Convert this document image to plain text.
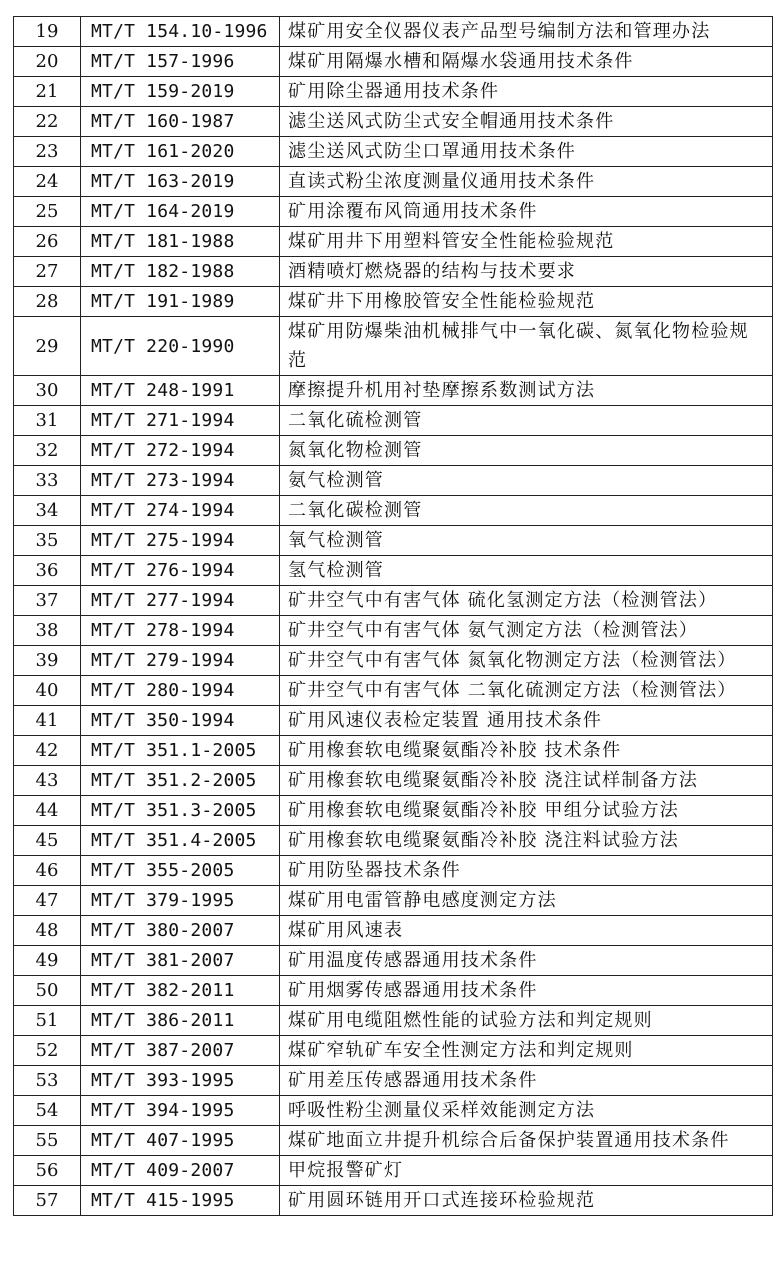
19	MT/T 154.10-1996	煤矿用安全仪器仪表产品型号编制方法和管理办法
20	MT/T 157-1996	煤矿用隔爆水槽和隔爆水袋通用技术条件
21	MT/T 159-2019	矿用除尘器通用技术条件
22	MT/T 160-1987	滤尘送风式防尘式安全帽通用技术条件
23	MT/T 161-2020	滤尘送风式防尘口罩通用技术条件
24	MT/T 163-2019	直读式粉尘浓度测量仪通用技术条件
25	MT/T 164-2019	矿用涂覆布风筒通用技术条件
26	MT/T 181-1988	煤矿用井下用塑料管安全性能检验规范
27	MT/T 182-1988	酒精喷灯燃烧器的结构与技术要求
28	MT/T 191-1989	煤矿井下用橡胶管安全性能检验规范
29	MT/T 220-1990	煤矿用防爆柴油机械排气中一氧化碳、氮氧化物检验规范
30	MT/T 248-1991	摩擦提升机用衬垫摩擦系数测试方法
31	MT/T 271-1994	二氧化硫检测管
32	MT/T 272-1994	氮氧化物检测管
33	MT/T 273-1994	氨气检测管
34	MT/T 274-1994	二氧化碳检测管
35	MT/T 275-1994	氧气检测管
36	MT/T 276-1994	氢气检测管
37	MT/T 277-1994	矿井空气中有害气体 硫化氢测定方法（检测管法）
38	MT/T 278-1994	矿井空气中有害气体 氨气测定方法（检测管法）
39	MT/T 279-1994	矿井空气中有害气体 氮氧化物测定方法（检测管法）
40	MT/T 280-1994	矿井空气中有害气体 二氧化硫测定方法（检测管法）
41	MT/T 350-1994	矿用风速仪表检定装置 通用技术条件
42	MT/T 351.1-2005	矿用橡套软电缆聚氨酯冷补胶 技术条件
43	MT/T 351.2-2005	矿用橡套软电缆聚氨酯冷补胶 浇注试样制备方法
44	MT/T 351.3-2005	矿用橡套软电缆聚氨酯冷补胶 甲组分试验方法
45	MT/T 351.4-2005	矿用橡套软电缆聚氨酯冷补胶 浇注料试验方法
46	MT/T 355-2005	矿用防坠器技术条件
47	MT/T 379-1995	煤矿用电雷管静电感度测定方法
48	MT/T 380-2007	煤矿用风速表
49	MT/T 381-2007	矿用温度传感器通用技术条件
50	MT/T 382-2011	矿用烟雾传感器通用技术条件
51	MT/T 386-2011	煤矿用电缆阻燃性能的试验方法和判定规则
52	MT/T 387-2007	煤矿窄轨矿车安全性测定方法和判定规则
53	MT/T 393-1995	矿用差压传感器通用技术条件
54	MT/T 394-1995	呼吸性粉尘测量仪采样效能测定方法
55	MT/T 407-1995	煤矿地面立井提升机综合后备保护装置通用技术条件
56	MT/T 409-2007	甲烷报警矿灯
57	MT/T 415-1995	矿用圆环链用开口式连接环检验规范
